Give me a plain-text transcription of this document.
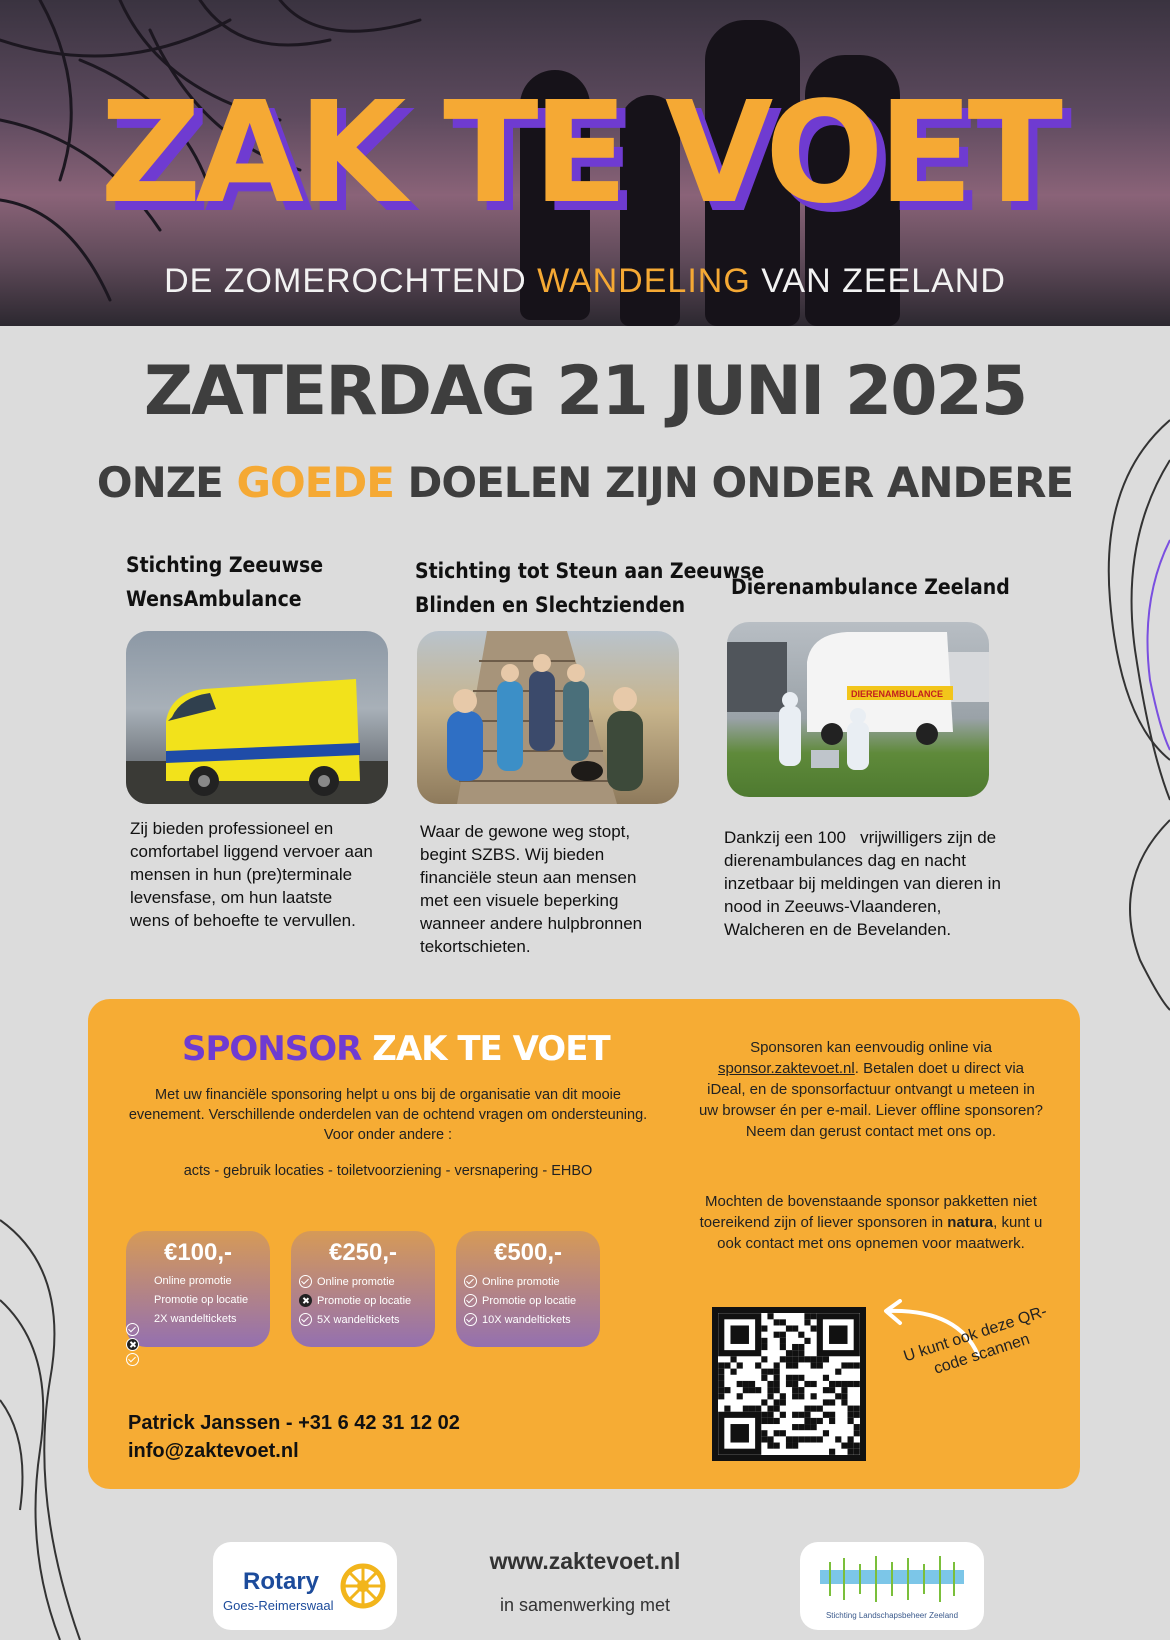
ZAK TE VOET
DE ZOMEROCHTEND WANDELING VAN ZEELAND
ZATERDAG 21 JUNI 2025
ONZE GOEDE DOELEN ZIJN ONDER ANDERE
Stichting Zeeuwse
WensAmbulance
Zij bieden professioneel en comfortabel liggend vervoer aan mensen in hun (pre)terminale levensfase, om hun laatste wens of behoefte te vervullen.
Stichting tot Steun aan Zeeuwse
Blinden en Slechtzienden
Waar de gewone weg stopt, begint SZBS. Wij bieden financiële steun aan mensen met een visuele beperking wanneer andere hulpbronnen tekortschieten.
Dierenambulance Zeeland
DIERENAMBULANCE
Dankzij een 100   vrijwilligers zijn de dierenambulances dag en nacht inzetbaar bij meldingen van dieren in nood in Zeeuws-Vlaanderen, Walcheren en de Bevelanden.
SPONSOR ZAK TE VOET
Met uw financiële sponsoring helpt u ons bij de organisatie van dit mooie evenement. Verschillende onderdelen van de ochtend vragen om ondersteuning. Voor onder andere :
acts - gebruik locaties - toiletvoorziening - versnapering - EHBO
€100,-
Online promotie
Promotie op locatie
2X wandeltickets
€250,-
Online promotie
Promotie op locatie
5X wandeltickets
€500,-
Online promotie
Promotie op locatie
10X wandeltickets
Patrick Janssen - +31 6 42 31 12 02
info@zaktevoet.nl
Sponsoren kan eenvoudig online via sponsor.zaktevoet.nl. Betalen doet u direct via iDeal, en de sponsorfactuur ontvangt u meteen in uw browser én per e-mail. Liever offline sponsoren? Neem dan gerust contact met ons op.
Mochten de bovenstaande sponsor pakketten niet toereikend zijn of liever sponsoren in natura, kunt u ook contact met ons opnemen voor maatwerk.
U kunt ook deze QR-code scannen
Rotary
Goes-Reimerswaal
www.zaktevoet.nl
in samenwerking met
Stichting Landschapsbeheer Zeeland
